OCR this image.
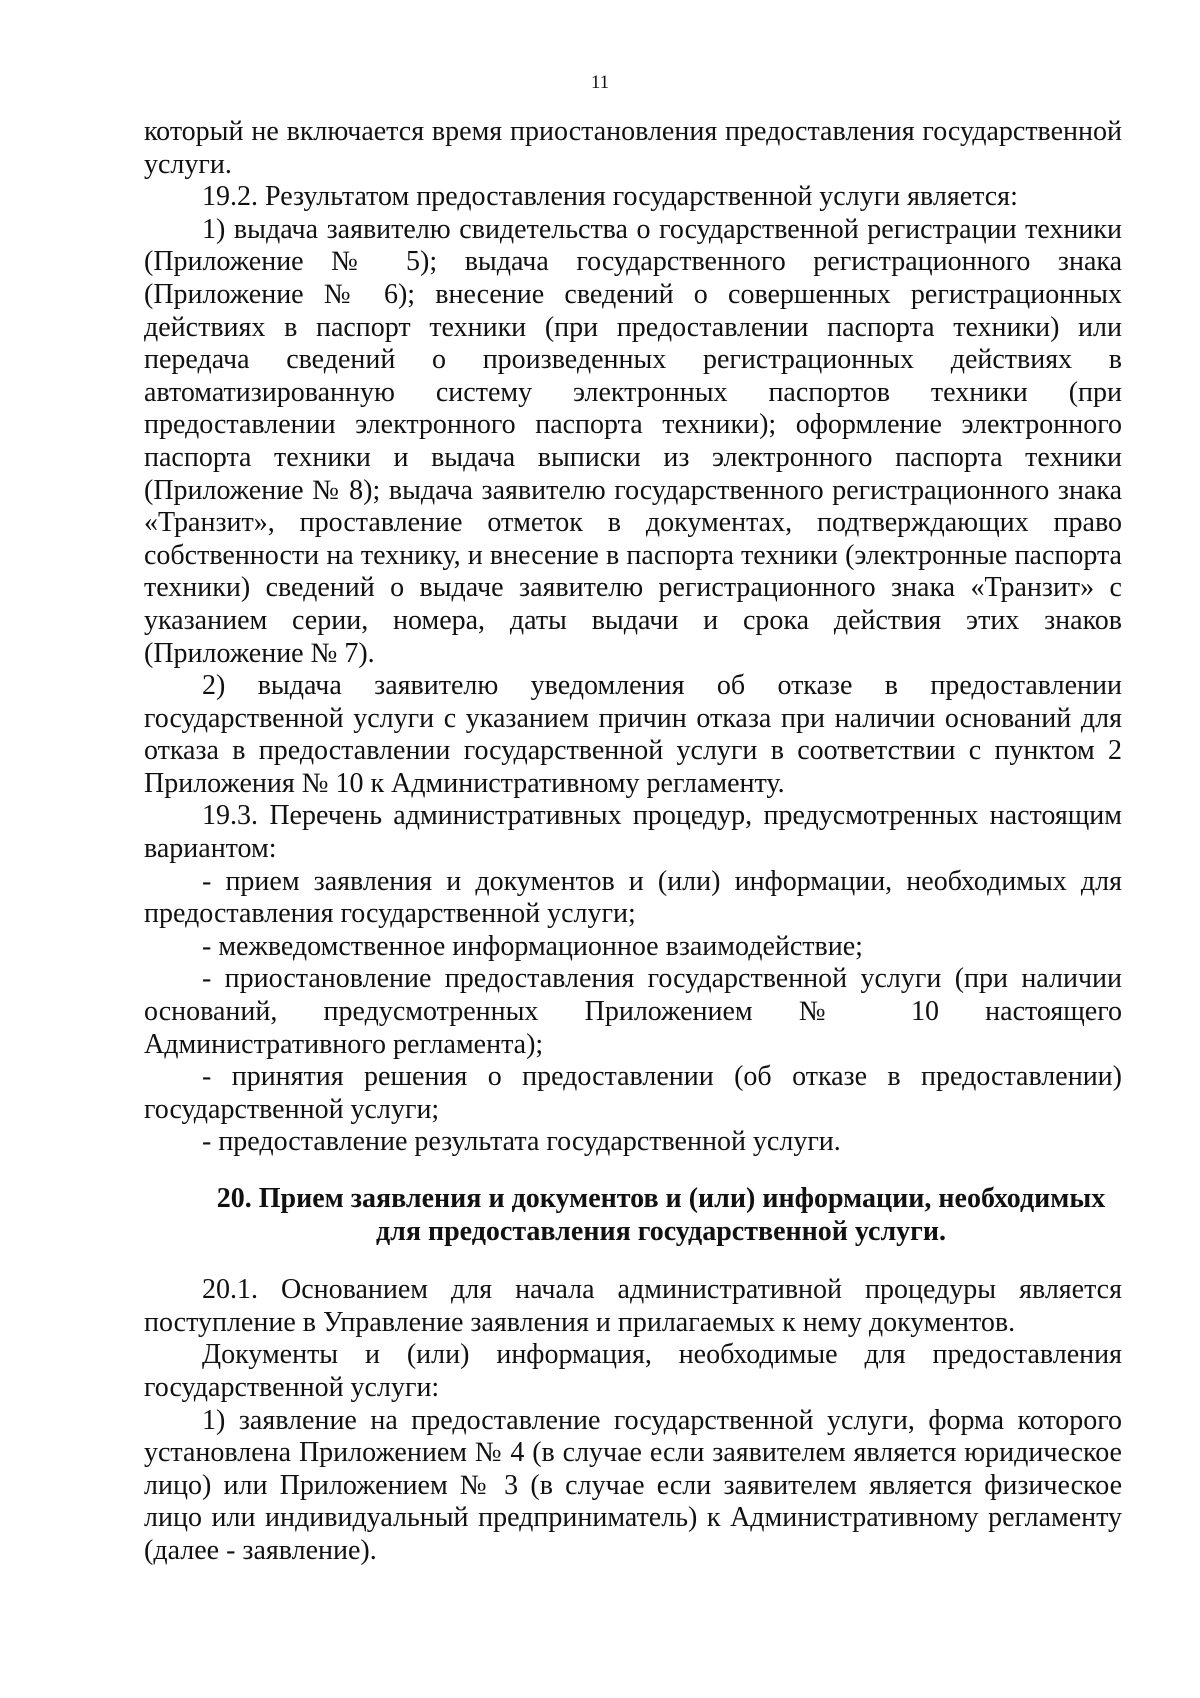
11

который не включается время приостановления предоставления государственной услуги.

19.2. Результатом предоставления государственной услуги является:

1) выдача заявителю свидетельства о государственной регистрации техники (Приложение № 5); выдача государственного регистрационного знака (Приложение № 6); внесение сведений о совершенных регистрационных действиях в паспорт техники (при предоставлении паспорта техники) или передача сведений о произведенных регистрационных действиях в автоматизированную систему электронных паспортов техники (при предоставлении электронного паспорта техники); оформление электронного паспорта техники и выдача выписки из электронного паспорта техники (Приложение № 8); выдача заявителю государственного регистрационного знака «Транзит», проставление отметок в документах, подтверждающих право собственности на технику, и внесение в паспорта техники (электронные паспорта техники) сведений о выдаче заявителю регистрационного знака «Транзит» с указанием серии, номера, даты выдачи и срока действия этих знаков (Приложение № 7).

2) выдача заявителю уведомления об отказе в предоставлении государственной услуги с указанием причин отказа при наличии оснований для отказа в предоставлении государственной услуги в соответствии с пунктом 2 Приложения № 10 к Административному регламенту.

19.3. Перечень административных процедур, предусмотренных настоящим вариантом:

- прием заявления и документов и (или) информации, необходимых для предоставления государственной услуги;

- межведомственное информационное взаимодействие;

- приостановление предоставления государственной услуги (при наличии оснований, предусмотренных Приложением № 10 настоящего Административного регламента);

- принятия решения о предоставлении (об отказе в предоставлении) государственной услуги;

- предоставление результата государственной услуги.

20. Прием заявления и документов и (или) информации, необходимых для предоставления государственной услуги.

20.1. Основанием для начала административной процедуры является поступление в Управление заявления и прилагаемых к нему документов.

Документы и (или) информация, необходимые для предоставления государственной услуги:

1) заявление на предоставление государственной услуги, форма которого установлена Приложением № 4 (в случае если заявителем является юридическое лицо) или Приложением № 3 (в случае если заявителем является физическое лицо или индивидуальный предприниматель) к Административному регламенту (далее - заявление).
